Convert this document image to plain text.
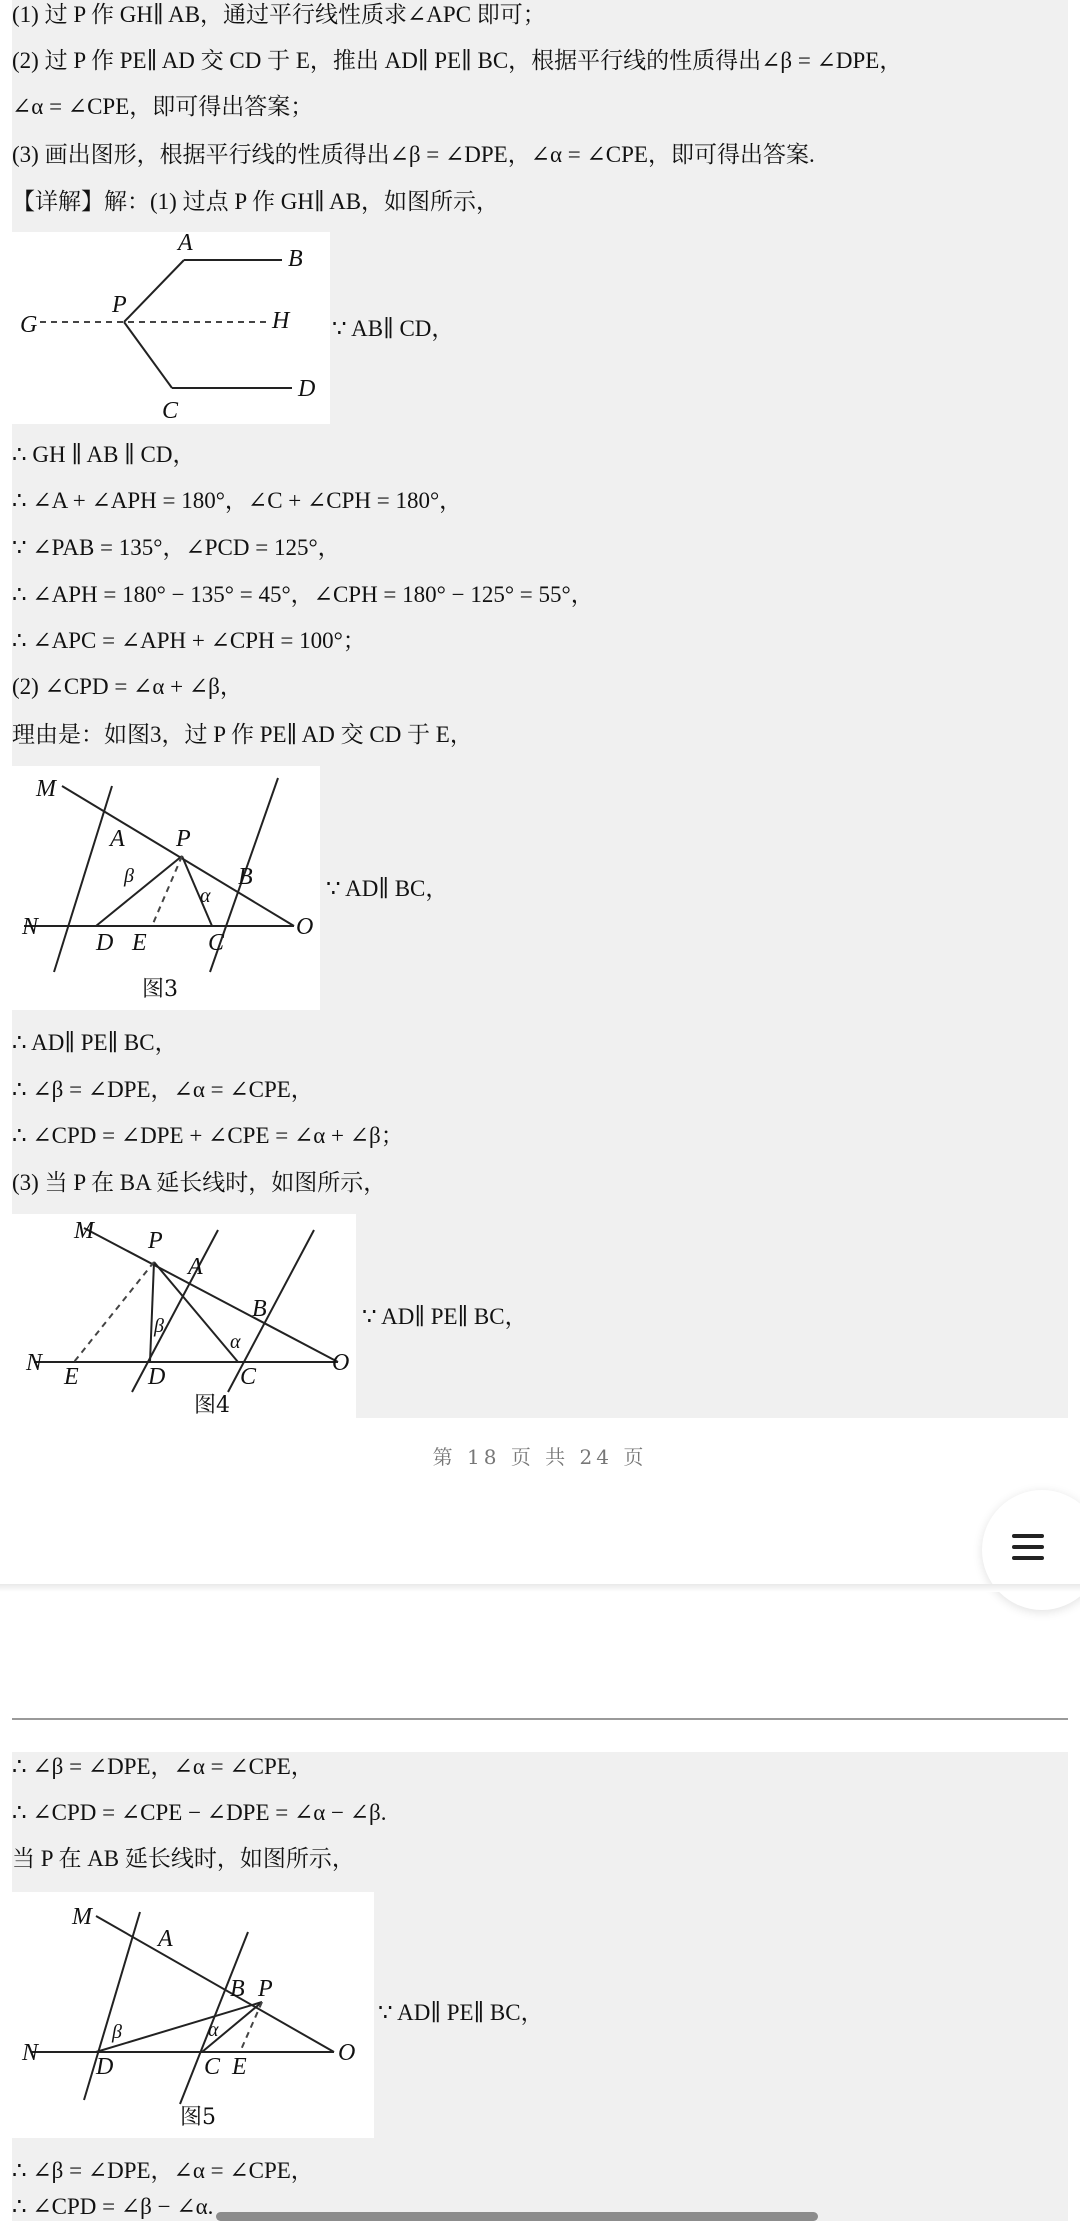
(1) 过 P 作 GH∥ AB，通过平行线性质求∠APC 即可；
(2) 过 P 作 PE∥ AD 交 CD 于 E，推出 AD∥ PE∥ BC，根据平行线的性质得出∠β = ∠DPE，
∠α = ∠CPE，即可得出答案；
(3) 画出图形，根据平行线的性质得出∠β = ∠DPE，∠α = ∠CPE，即可得出答案.
【详解】解：(1) 过点 P 作 GH∥ AB，如图所示，
A
B
G
P
H
C
D
∵ AB∥ CD，
∴ GH ∥ AB ∥ CD，
∴ ∠A + ∠APH = 180°，∠C + ∠CPH = 180°，
∵ ∠PAB = 135°，∠PCD = 125°，
∴ ∠APH = 180° − 135° = 45°，∠CPH = 180° − 125° = 55°，
∴ ∠APC = ∠APH + ∠CPH = 100°；
(2) ∠CPD = ∠α + ∠β，
理由是：如图3，过 P 作 PE∥ AD 交 CD 于 E，
M
A P
β
α
B
N
D E	C
O
图3
∵ AD∥ BC，
∴ AD∥ PE∥ BC，
∴ ∠β = ∠DPE，∠α = ∠CPE，
∴ ∠CPD = ∠DPE + ∠CPE = ∠α + ∠β；
(3) 当 P 在 BA 延长线时，如图所示，
M P
A
B
β
α
N
E	D	C
O
图4
∵ AD∥ PE∥ BC，
第 18 页 共 24 页
∴ ∠β = ∠DPE，∠α = ∠CPE，
∴ ∠CPD = ∠CPE − ∠DPE = ∠α − ∠β.
当 P 在 AB 延长线时，如图所示，
M
A
B P
β	α
N
D	C E
O
图5
∵ AD∥ PE∥ BC，
∴ ∠β = ∠DPE，∠α = ∠CPE，
∴ ∠CPD = ∠β − ∠α.
